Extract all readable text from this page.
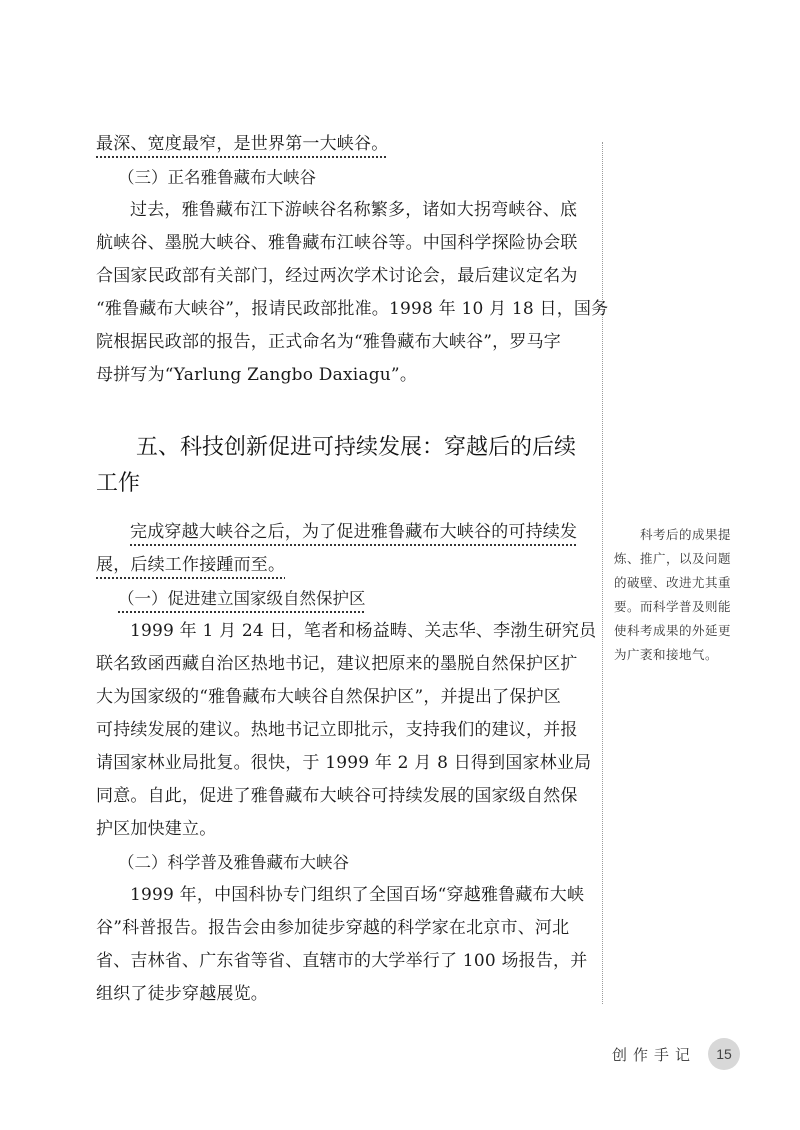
最深、宽度最窄，是世界第一大峡谷。

（三）正名雅鲁藏布大峡谷

过去，雅鲁藏布江下游峡谷名称繁多，诸如大拐弯峡谷、底

航峡谷、墨脱大峡谷、雅鲁藏布江峡谷等。中国科学探险协会联

合国家民政部有关部门，经过两次学术讨论会，最后建议定名为

“雅鲁藏布大峡谷”，报请民政部批准。1998 年 10 月 18 日，国务

院根据民政部的报告，正式命名为“雅鲁藏布大峡谷”，罗马字

母拼写为“Yarlung Zangbo Daxiagu”。

五、科技创新促进可持续发展：穿越后的后续
工作

完成穿越大峡谷之后，为了促进雅鲁藏布大峡谷的可持续发

展，后续工作接踵而至。

（一）促进建立国家级自然保护区

1999 年 1 月 24 日，笔者和杨益畴、关志华、李渤生研究员

联名致函西藏自治区热地书记，建议把原来的墨脱自然保护区扩

大为国家级的“雅鲁藏布大峡谷自然保护区”，并提出了保护区

可持续发展的建议。热地书记立即批示，支持我们的建议，并报

请国家林业局批复。很快，于 1999 年 2 月 8 日得到国家林业局

同意。自此，促进了雅鲁藏布大峡谷可持续发展的国家级自然保

护区加快建立。

（二）科学普及雅鲁藏布大峡谷

1999 年，中国科协专门组织了全国百场“穿越雅鲁藏布大峡

谷”科普报告。报告会由参加徒步穿越的科学家在北京市、河北

省、吉林省、广东省等省、直辖市的大学举行了 100 场报告，并

组织了徒步穿越展览。

科考后的成果提
炼、推广，以及问题
的破壁、改进尤其重
要。而科学普及则能
使科考成果的外延更
为广袤和接地气。
创作手记	15
